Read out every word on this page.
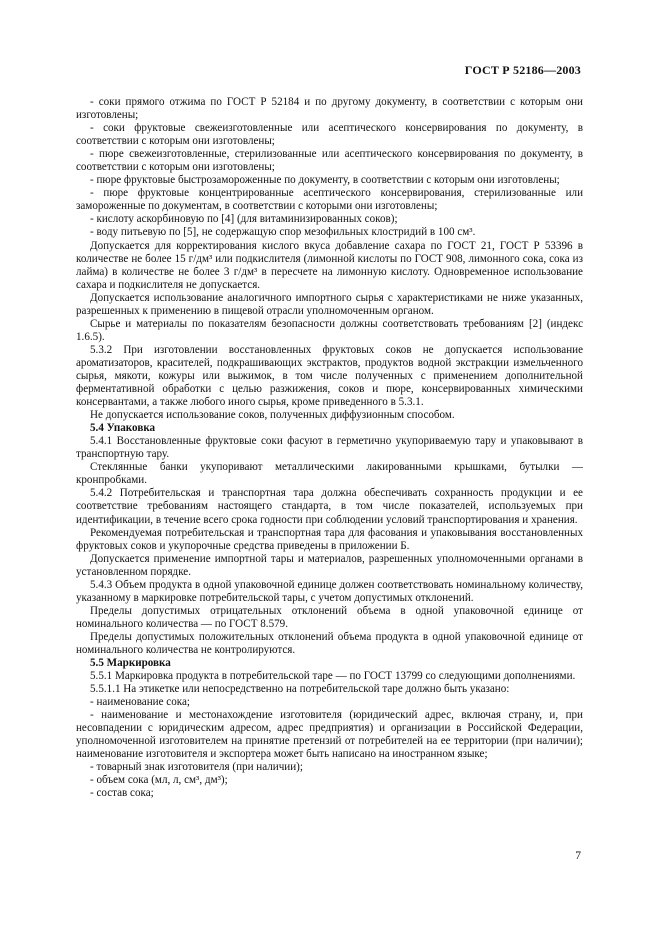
ГОСТ Р 52186—2003

- соки прямого отжима по ГОСТ Р 52184 и по другому документу, в соответствии с которым они изготовлены;

- соки фруктовые свежеизготовленные или асептического консервирования по документу, в соответствии с которым они изготовлены;

- пюре свежеизготовленные, стерилизованные или асептического консервирования по документу, в соответствии с которым они изготовлены;

- пюре фруктовые быстрозамороженные по документу, в соответствии с которым они изготовлены;

- пюре фруктовые концентрированные асептического консервирования, стерилизованные или замороженные по документам, в соответствии с которыми они изготовлены;

- кислоту аскорбиновую по [4] (для витаминизированных соков);

- воду питьевую по [5], не содержащую спор мезофильных клостридий в 100 см³.

Допускается для корректирования кислого вкуса добавление сахара по ГОСТ 21, ГОСТ Р 53396 в количестве не более 15 г/дм³ или подкислителя (лимонной кислоты по ГОСТ 908, лимонного сока, сока из лайма) в количестве не более 3 г/дм³ в пересчете на лимонную кислоту. Одновременное использование сахара и подкислителя не допускается.

Допускается использование аналогичного импортного сырья с характеристиками не ниже указанных, разрешенных к применению в пищевой отрасли уполномоченным органом.

Сырье и материалы по показателям безопасности должны соответствовать требованиям [2] (индекс 1.6.5).

5.3.2 При изготовлении восстановленных фруктовых соков не допускается использование ароматизаторов, красителей, подкрашивающих экстрактов, продуктов водной экстракции измельченного сырья, мякоти, кожуры или выжимок, в том числе полученных с применением дополнительной ферментативной обработки с целью разжижения, соков и пюре, консервированных химическими консервантами, а также любого иного сырья, кроме приведенного в 5.3.1.

Не допускается использование соков, полученных диффузионным способом.

5.4 Упаковка

5.4.1 Восстановленные фруктовые соки фасуют в герметично укупориваемую тару и упаковывают в транспортную тару.

Стеклянные банки укупоривают металлическими лакированными крышками, бутылки — кронпробками.

5.4.2 Потребительская и транспортная тара должна обеспечивать сохранность продукции и ее соответствие требованиям настоящего стандарта, в том числе показателей, используемых при идентификации, в течение всего срока годности при соблюдении условий транспортирования и хранения.

Рекомендуемая потребительская и транспортная тара для фасования и упаковывания восстановленных фруктовых соков и укупорочные средства приведены в приложении Б.

Допускается применение импортной тары и материалов, разрешенных уполномоченными органами в установленном порядке.

5.4.3 Объем продукта в одной упаковочной единице должен соответствовать номинальному количеству, указанному в маркировке потребительской тары, с учетом допустимых отклонений.

Пределы допустимых отрицательных отклонений объема в одной упаковочной единице от номинального количества — по ГОСТ 8.579.

Пределы допустимых положительных отклонений объема продукта в одной упаковочной единице от номинального количества не контролируются.

5.5 Маркировка

5.5.1 Маркировка продукта в потребительской таре — по ГОСТ 13799 со следующими дополнениями.

5.5.1.1 На этикетке или непосредственно на потребительской таре должно быть указано:

- наименование сока;

- наименование и местонахождение изготовителя (юридический адрес, включая страну, и, при несовпадении с юридическим адресом, адрес предприятия) и организации в Российской Федерации, уполномоченной изготовителем на принятие претензий от потребителей на ее территории (при наличии); наименование изготовителя и экспортера может быть написано на иностранном языке;

- товарный знак изготовителя (при наличии);

- объем сока (мл, л, см³, дм³);

- состав сока;

7
